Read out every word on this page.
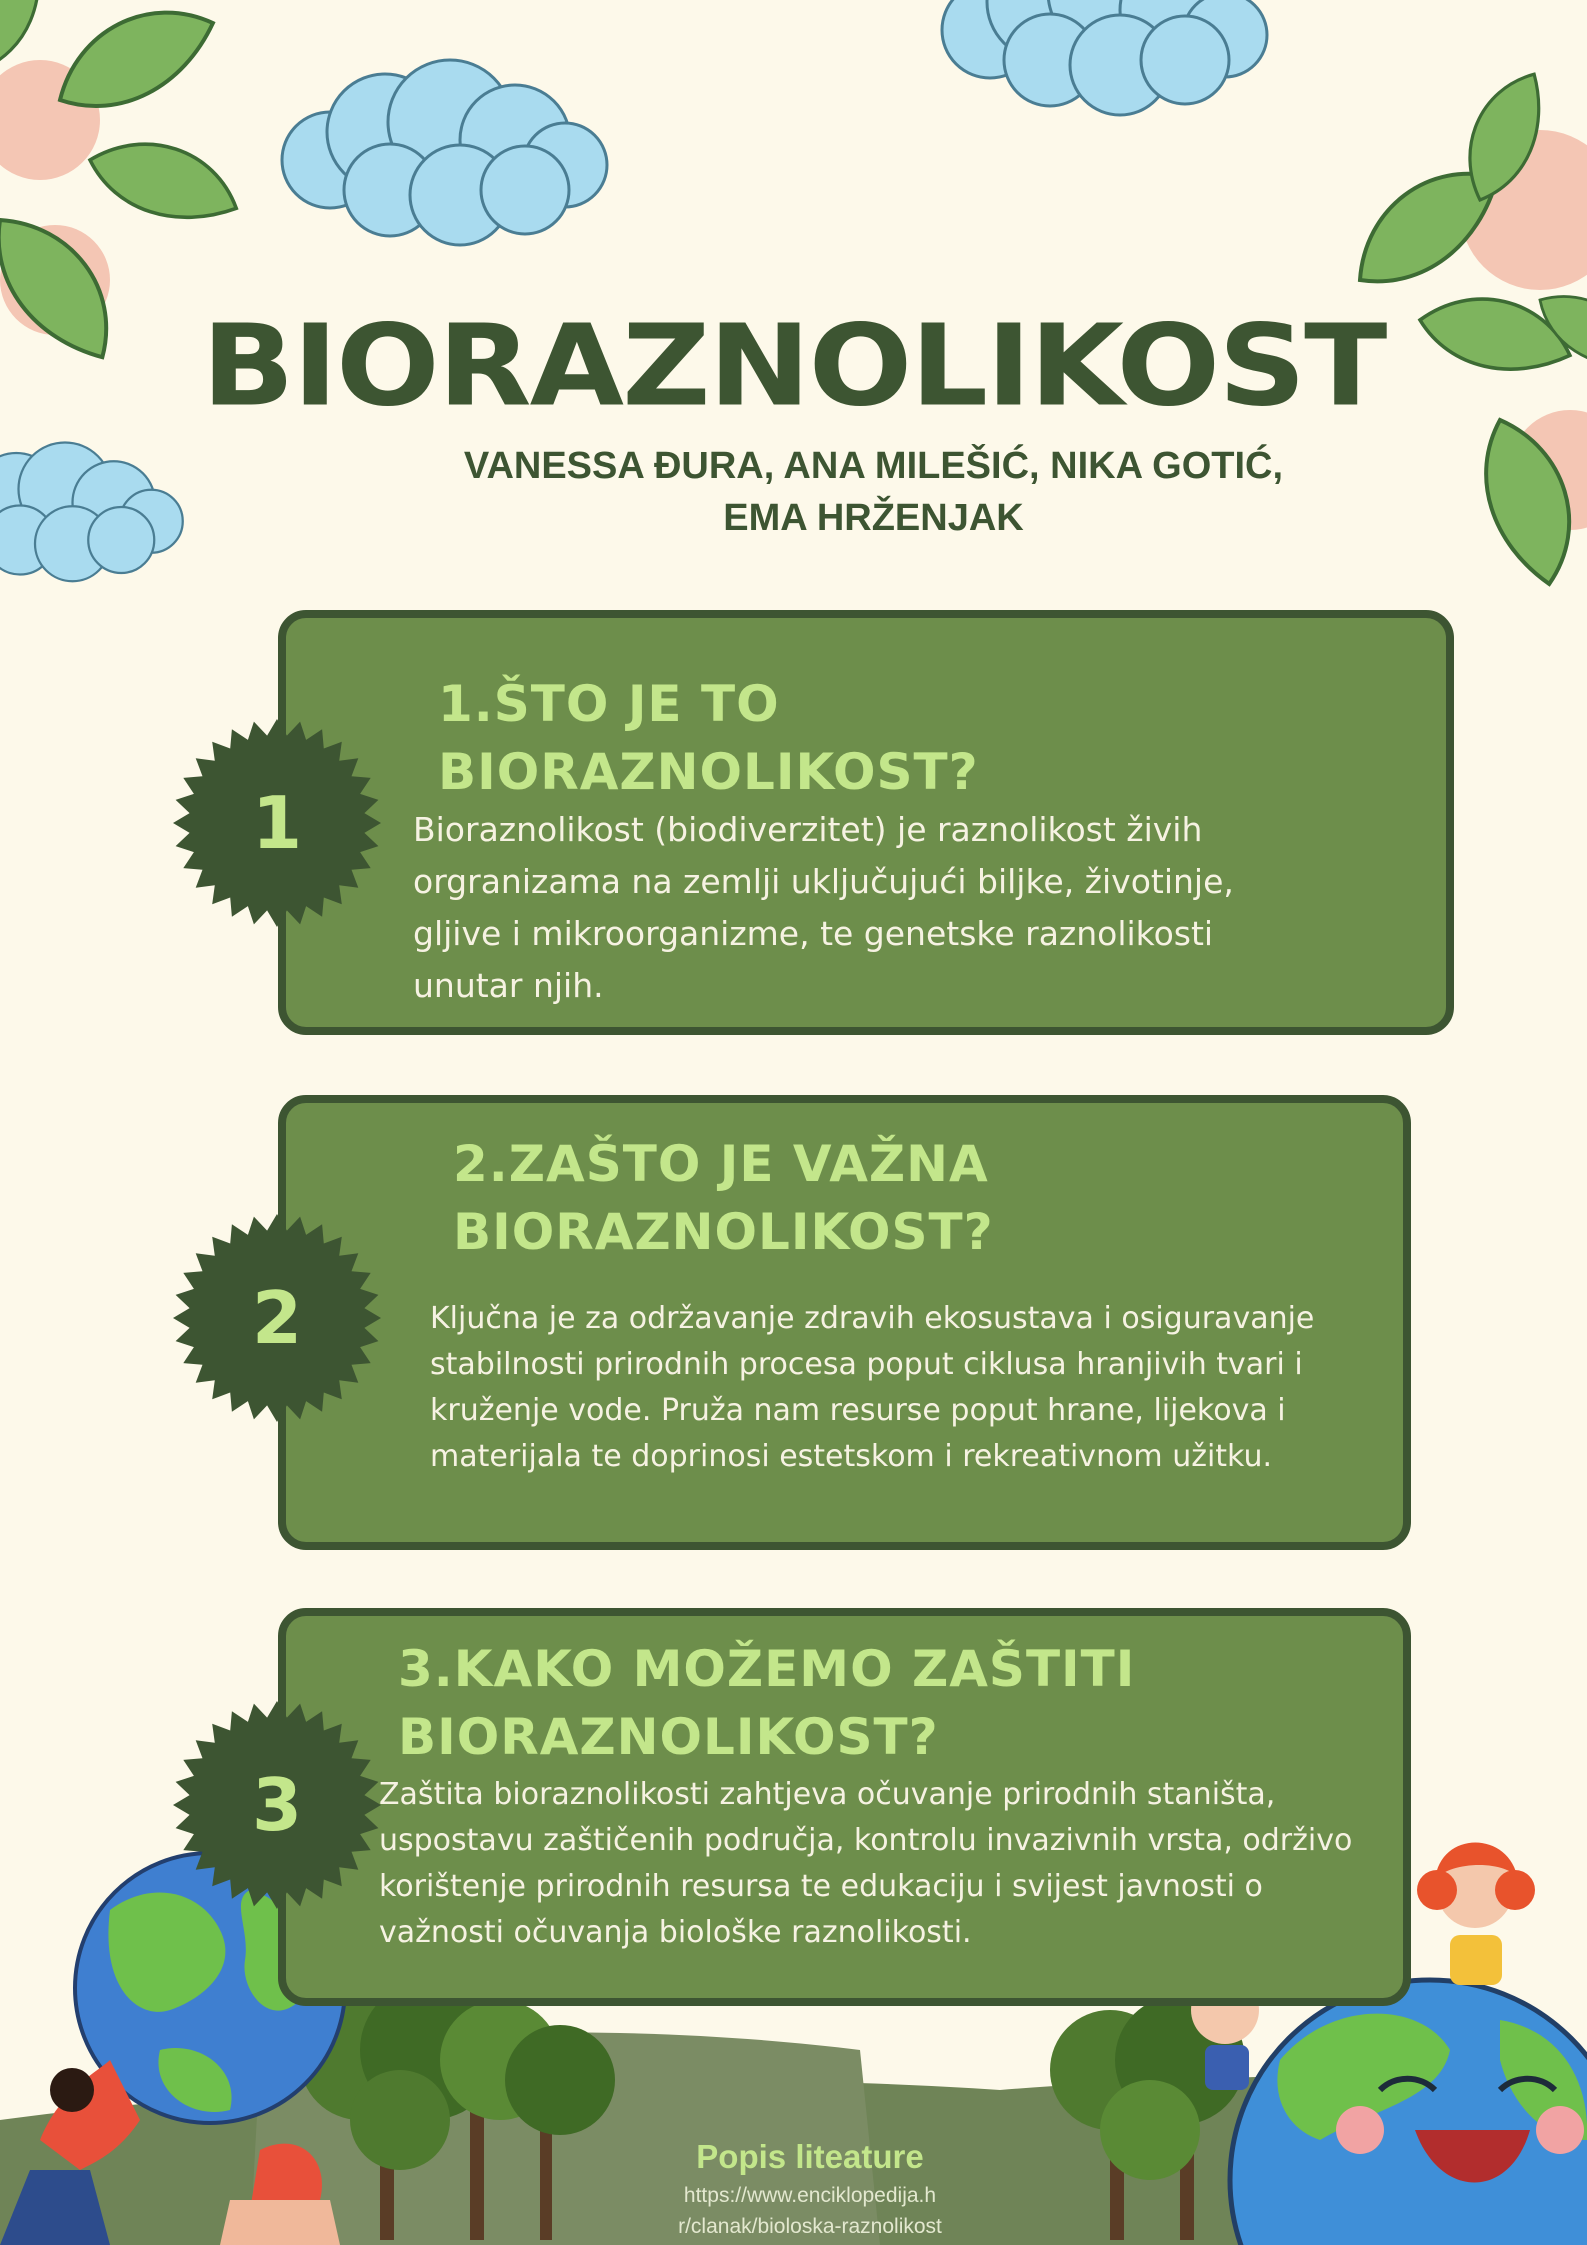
BIORAZNOLIKOST
VANESSA ĐURA, ANA MILEŠIĆ, NIKA GOTIĆ,
EMA HRŽENJAK
1.ŠTO JE TO
BIORAZNOLIKOST?
Bioraznolikost (biodiverzitet) je raznolikost živih
orgranizama na zemlji uključujući biljke, životinje,
gljive i mikroorganizme, te genetske raznolikosti
unutar njih.
1
2.ZAŠTO JE VAŽNA
BIORAZNOLIKOST?
Ključna je za održavanje zdravih ekosustava i osiguravanje
stabilnosti prirodnih procesa poput ciklusa hranjivih tvari i
kruženje vode. Pruža nam resurse poput hrane, lijekova i
materijala te doprinosi estetskom i rekreativnom užitku.
2
3.KAKO MOŽEMO ZAŠTITI
BIORAZNOLIKOST?
Zaštita bioraznolikosti zahtjeva očuvanje prirodnih staništa,
uspostavu zaštičenih područja, kontrolu invazivnih vrsta, održivo
korištenje prirodnih resursa te edukaciju i svijest javnosti o
važnosti očuvanja biološke raznolikosti.
3
Popis liteature
https://www.enciklopedija.h
r/clanak/bioloska-raznolikost
